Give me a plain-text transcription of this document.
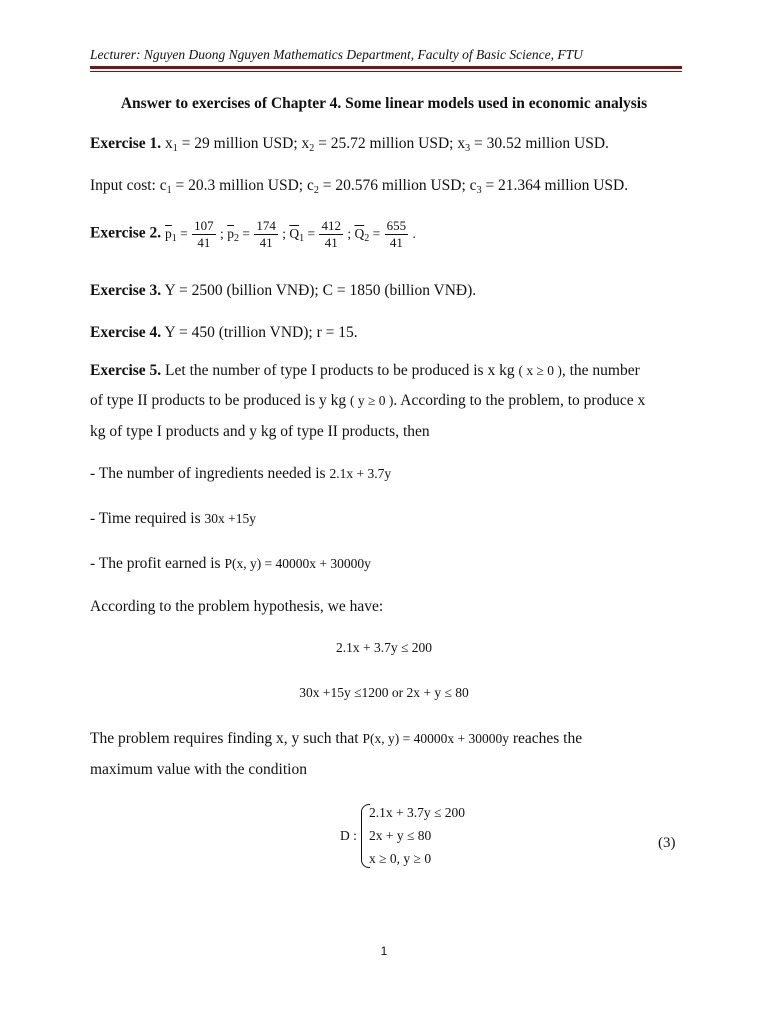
Lecturer: Nguyen Duong Nguyen Mathematics Department, Faculty of Basic Science, FTU
Answer to exercises of Chapter 4. Some linear models used in economic analysis
Exercise 1. $x_1 = 29$ million USD; $x_2 = 25.72$ million USD; $x_3 = 30.52$ million USD.
Input cost: $c_1 = 20.3$ million USD; $c_2 = 20.576$ million USD; $c_3 = 21.364$ million USD.
Exercise 2. $\overline{p}_1 = \frac{107}{41}$ ; $\overline{p}_2 = \frac{174}{41}$ ; $\overline{Q}_1 = \frac{412}{41}$ ; $\overline{Q}_2 = \frac{655}{41}$ .
Exercise 3. Y = 2500 (billion VNĐ); C = 1850 (billion VNĐ).
Exercise 4. Y = 450 (trillion VND); r = 15.
Exercise 5. Let the number of type I products to be produced is x kg ( x ≥ 0 ), the number
of type II products to be produced is y kg ( y ≥ 0 ). According to the problem, to produce x
kg of type I products and y kg of type II products, then
- The number of ingredients needed is 2.1x + 3.7y
- Time required is 30x +15y
- The profit earned is P(x, y) = 40000x + 30000y
According to the problem hypothesis, we have:
2.1x + 3.7y ≤ 200
30x +15y ≤1200 or 2x + y ≤ 80
The problem requires finding x, y such that P(x, y) = 40000x + 30000y reaches the
maximum value with the condition
D :
2.1x + 3.7y ≤ 200
2x + y ≤ 80
x ≥ 0, y ≥ 0
(3)
1
